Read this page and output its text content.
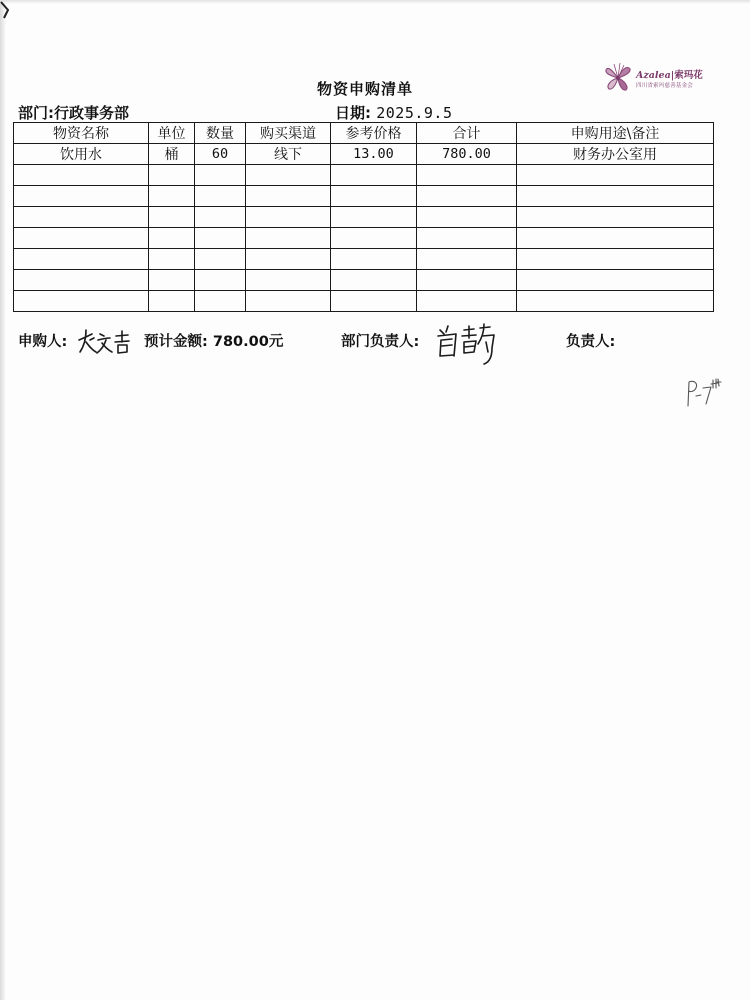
Azalea|索玛花
四川省索玛慈善基金会
物资申购清单
部门:行政事务部	日期: 2025.9.5
物资名称	单位	数量	购买渠道	参考价格	合计	申购用途\备注
饮用水	桶	60	线下	13.00	780.00	财务办公室用

申购人:	预计金额: 780.00元	部门负责人:	负责人:
